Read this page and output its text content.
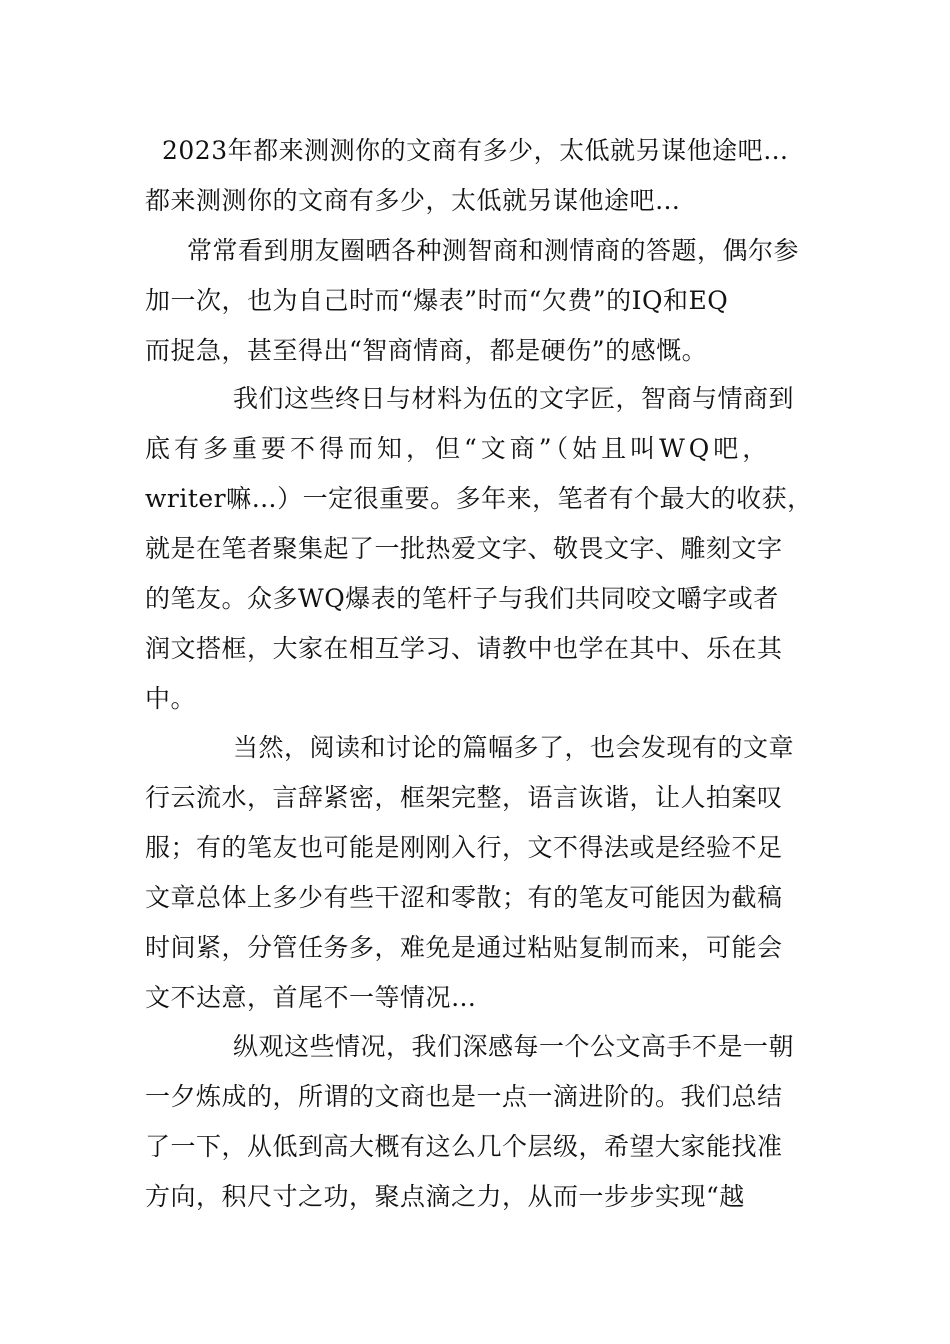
2023年都来测测你的文商有多少，太低就另谋他途吧…
都来测测你的文商有多少，太低就另谋他途吧…
常常看到朋友圈晒各种测智商和测情商的答题，偶尔参
加一次，也为自己时而“爆表”时而“欠费”的IQ和EQ
而捉急，甚至得出“智商情商，都是硬伤”的感慨。
我们这些终日与材料为伍的文字匠，智商与情商到
底有多重要不得而知，但“文商”（姑且叫WQ吧，
writer嘛…）一定很重要。多年来，笔者有个最大的收获，
就是在笔者聚集起了一批热爱文字、敬畏文字、雕刻文字
的笔友。众多WQ爆表的笔杆子与我们共同咬文嚼字或者
润文搭框，大家在相互学习、请教中也学在其中、乐在其
中。
当然，阅读和讨论的篇幅多了，也会发现有的文章
行云流水，言辞紧密，框架完整，语言诙谐，让人拍案叹
服；有的笔友也可能是刚刚入行，文不得法或是经验不足
文章总体上多少有些干涩和零散；有的笔友可能因为截稿
时间紧，分管任务多，难免是通过粘贴复制而来，可能会
文不达意，首尾不一等情况…
纵观这些情况，我们深感每一个公文高手不是一朝
一夕炼成的，所谓的文商也是一点一滴进阶的。我们总结
了一下，从低到高大概有这么几个层级，希望大家能找准
方向，积尺寸之功，聚点滴之力，从而一步步实现“越
